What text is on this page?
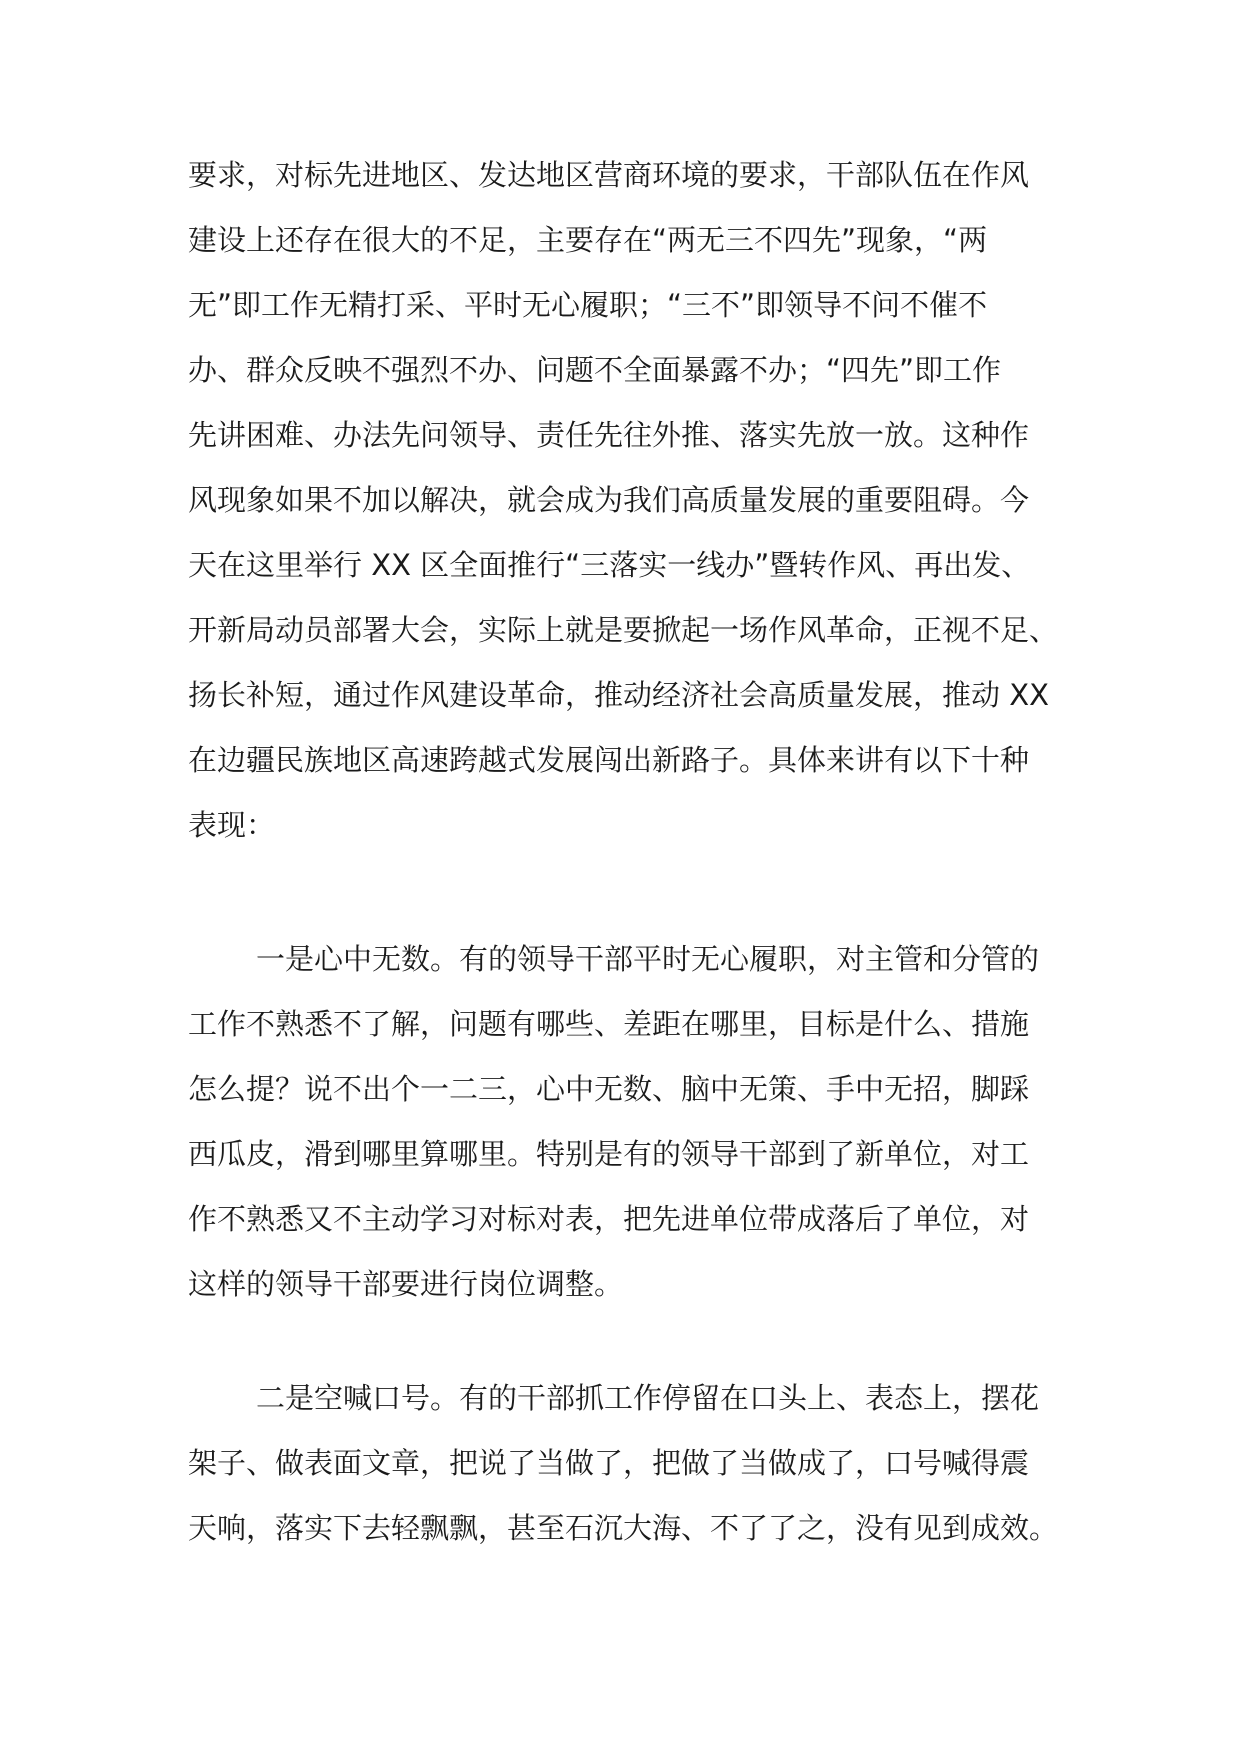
要求，对标先进地区、发达地区营商环境的要求，干部队伍在作风
建设上还存在很大的不足，主要存在“两无三不四先”现象，“两
无”即工作无精打采、平时无心履职；“三不”即领导不问不催不
办、群众反映不强烈不办、问题不全面暴露不办；“四先”即工作
先讲困难、办法先问领导、责任先往外推、落实先放一放。这种作
风现象如果不加以解决，就会成为我们高质量发展的重要阻碍。今
天在这里举行 XX 区全面推行“三落实一线办”暨转作风、再出发、
开新局动员部署大会，实际上就是要掀起一场作风革命，正视不足、
扬长补短，通过作风建设革命，推动经济社会高质量发展，推动 XX
在边疆民族地区高速跨越式发展闯出新路子。具体来讲有以下十种
表现：
一是心中无数。有的领导干部平时无心履职，对主管和分管的
工作不熟悉不了解，问题有哪些、差距在哪里，目标是什么、措施
怎么提？说不出个一二三，心中无数、脑中无策、手中无招，脚踩
西瓜皮，滑到哪里算哪里。特别是有的领导干部到了新单位，对工
作不熟悉又不主动学习对标对表，把先进单位带成落后了单位，对
这样的领导干部要进行岗位调整。
二是空喊口号。有的干部抓工作停留在口头上、表态上，摆花
架子、做表面文章，把说了当做了，把做了当做成了，口号喊得震
天响，落实下去轻飘飘，甚至石沉大海、不了了之，没有见到成效。
